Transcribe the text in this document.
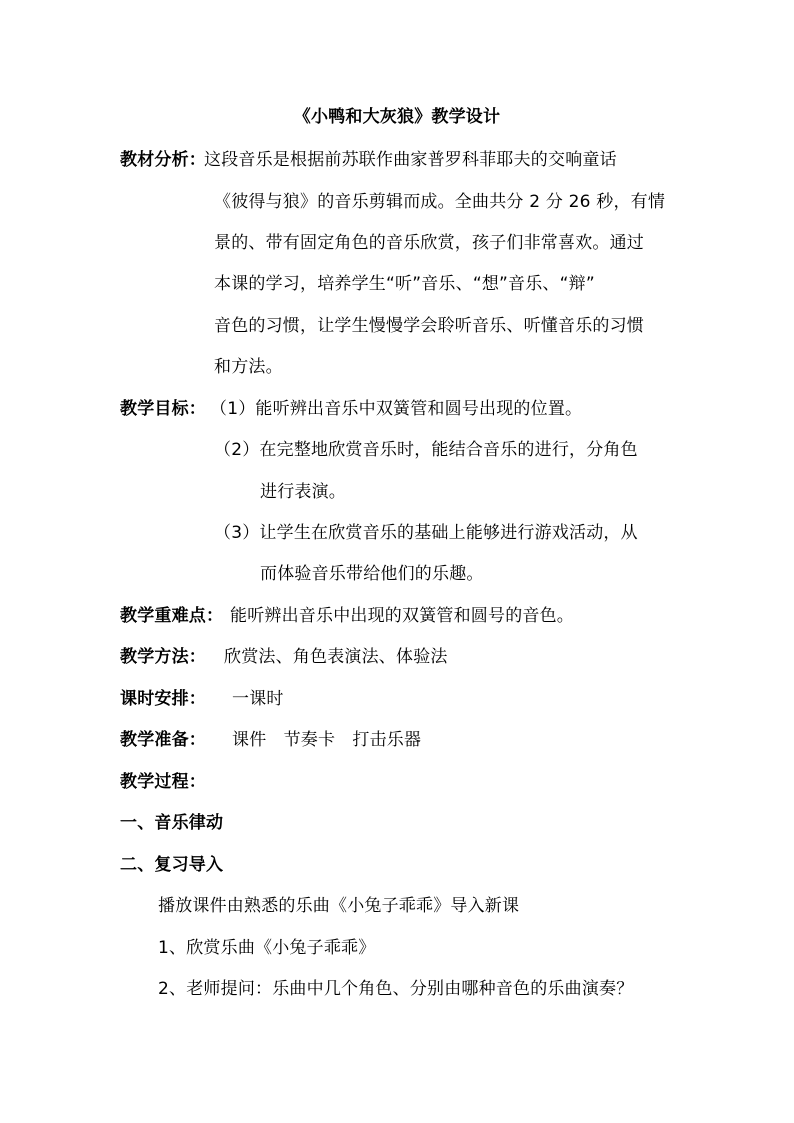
《小鸭和大灰狼》教学设计
教材分析：
这段音乐是根据前苏联作曲家普罗科菲耶夫的交响童话
《彼得与狼》的音乐剪辑而成。全曲共分 2 分 26 秒，有情
景的、带有固定角色的音乐欣赏，孩子们非常喜欢。通过
本课的学习，培养学生“听”音乐、“想”音乐、“辩”
音色的习惯，让学生慢慢学会聆听音乐、听懂音乐的习惯
和方法。
教学目标： （1）能听辨出音乐中双簧管和圆号出现的位置。
（2）在完整地欣赏音乐时，能结合音乐的进行，分角色
进行表演。
（3）让学生在欣赏音乐的基础上能够进行游戏活动，从
而体验音乐带给他们的乐趣。
教学重难点： 能听辨出音乐中出现的双簧管和圆号的音色。
教学方法： 欣赏法、角色表演法、体验法
课时安排： 一课时
教学准备： 课件　节奏卡　打击乐器
教学过程：
一、音乐律动
二、复习导入
播放课件由熟悉的乐曲《小兔子乖乖》导入新课
1、欣赏乐曲《小兔子乖乖》
2、老师提问：乐曲中几个角色、分别由哪种音色的乐曲演奏？
